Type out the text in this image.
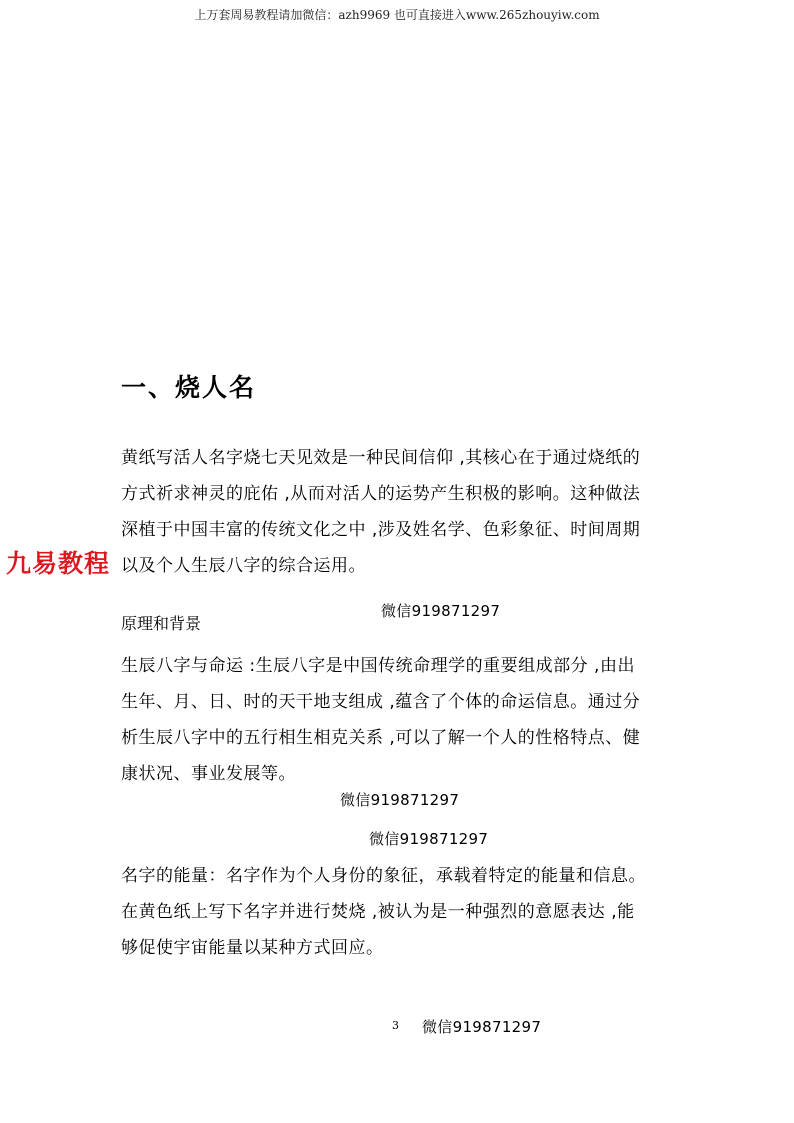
上万套周易教程请加微信：azh9969 也可直接进入www.265zhouyiw.com
一、烧人名
黄纸写活人名字烧七天见效是一种民间信仰 ,其核心在于通过烧纸的
方式祈求神灵的庇佑 ,从而对活人的运势产生积极的影响。这种做法
深植于中国丰富的传统文化之中 ,涉及姓名学、色彩象征、时间周期
以及个人生辰八字的综合运用。
九易教程
微信919871297
原理和背景
生辰八字与命运 :生辰八字是中国传统命理学的重要组成部分 ,由出
生年、月、日、时的天干地支组成 ,蕴含了个体的命运信息。通过分
析生辰八字中的五行相生相克关系 ,可以了解一个人的性格特点、健
康状况、事业发展等。
微信919871297
微信919871297
名字的能量：名字作为个人身份的象征，承载着特定的能量和信息。
在黄色纸上写下名字并进行焚烧 ,被认为是一种强烈的意愿表达 ,能
够促使宇宙能量以某种方式回应。
3 微信919871297
